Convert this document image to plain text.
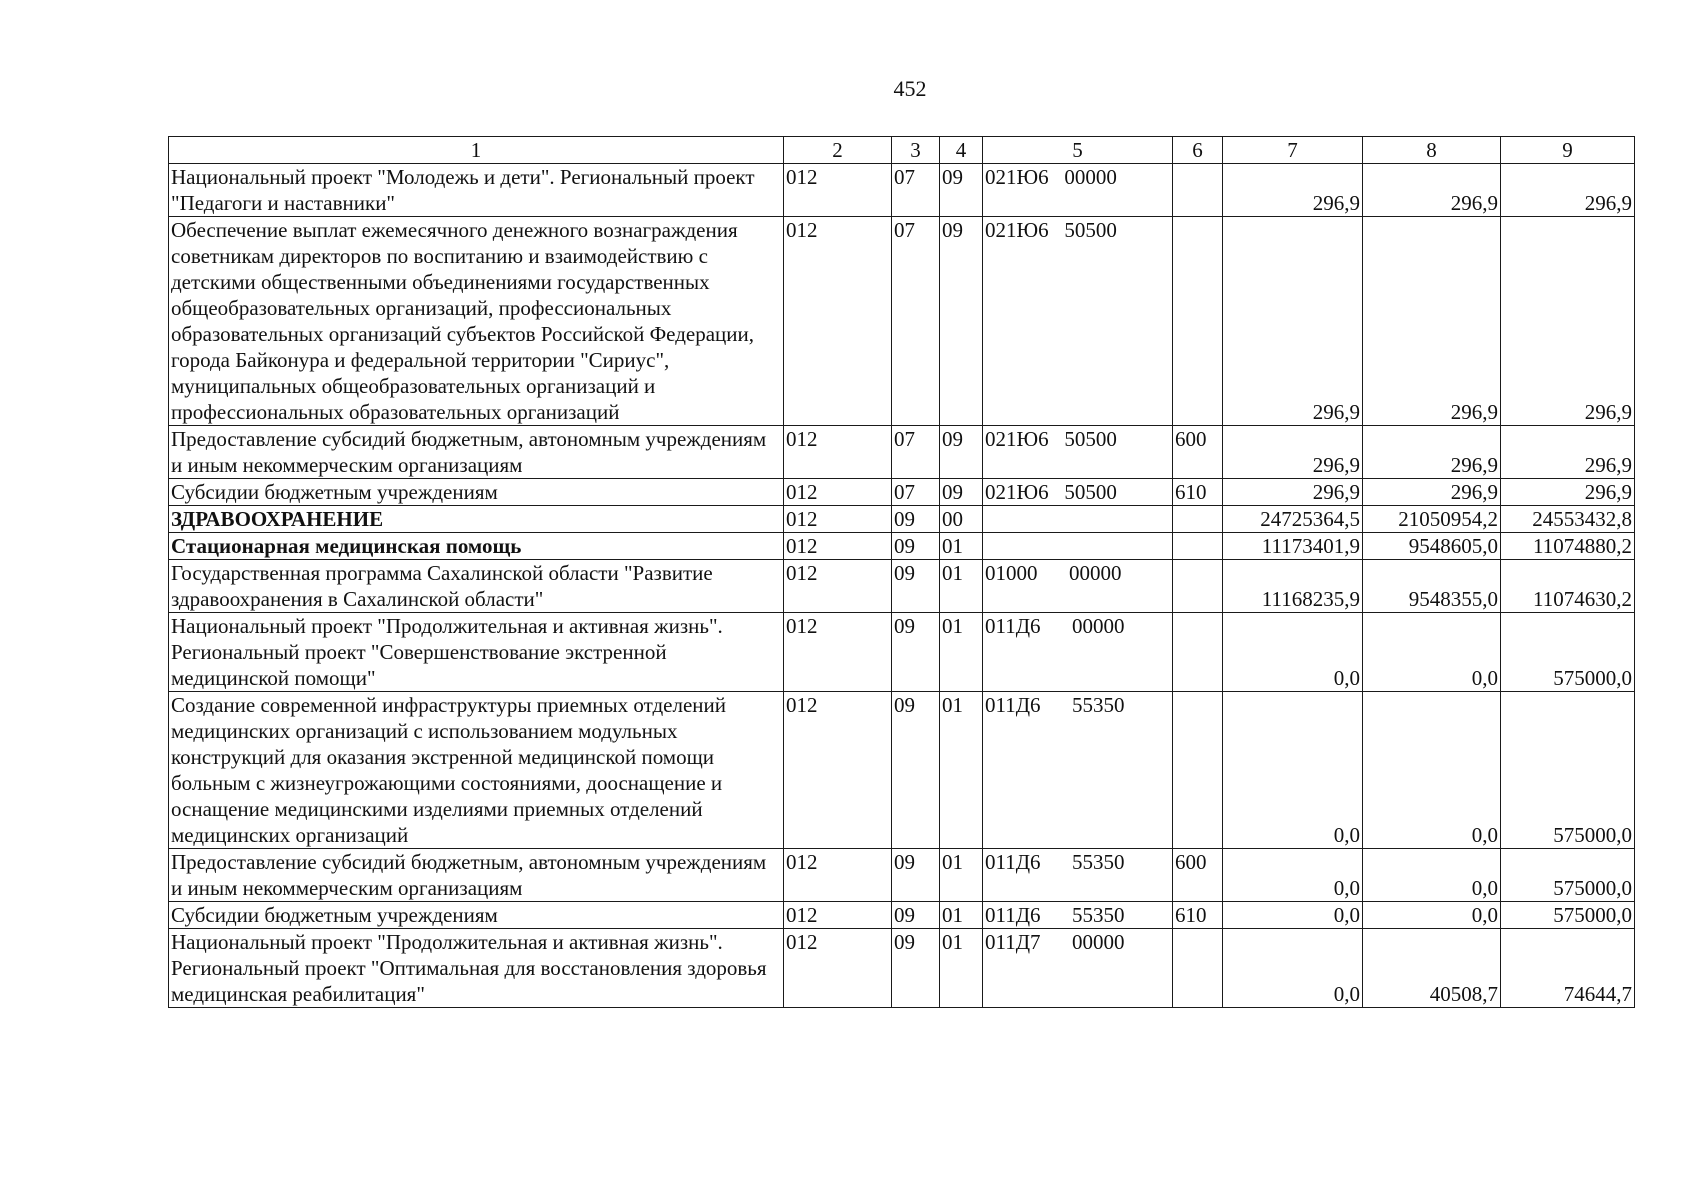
452
1	2	3	4	5	6	7	8	9
Национальный проект "Молодежь и дети". Региональный проект "Педагоги и наставники"	012	07	09	021Ю6   00000		296,9	296,9	296,9
Обеспечение выплат ежемесячного денежного вознаграждения советникам директоров по воспитанию и взаимодействию с детскими общественными объединениями государственных общеобразовательных организаций, профессиональных образовательных организаций субъектов Российской Федерации, города Байконура и федеральной территории "Сириус", муниципальных общеобразовательных организаций и профессиональных образовательных организаций	012	07	09	021Ю6   50500		296,9	296,9	296,9
Предоставление субсидий бюджетным, автономным учреждениям и иным некоммерческим организациям	012	07	09	021Ю6   50500	600	296,9	296,9	296,9
Субсидии бюджетным учреждениям	012	07	09	021Ю6   50500	610	296,9	296,9	296,9
ЗДРАВООХРАНЕНИЕ	012	09	00			24725364,5	21050954,2	24553432,8
Стационарная медицинская помощь	012	09	01			11173401,9	9548605,0	11074880,2
Государственная программа Сахалинской области "Развитие здравоохранения в Сахалинской области"	012	09	01	01000      00000		11168235,9	9548355,0	11074630,2
Национальный проект "Продолжительная и активная жизнь". Региональный проект "Совершенствование экстренной медицинской помощи"	012	09	01	011Д6      00000		0,0	0,0	575000,0
Создание современной инфраструктуры приемных отделений медицинских организаций с использованием модульных конструкций для оказания экстренной медицинской помощи больным с жизнеугрожающими состояниями, дооснащение и оснащение медицинскими изделиями приемных отделений медицинских организаций	012	09	01	011Д6      55350		0,0	0,0	575000,0
Предоставление субсидий бюджетным, автономным учреждениям и иным некоммерческим организациям	012	09	01	011Д6      55350	600	0,0	0,0	575000,0
Субсидии бюджетным учреждениям	012	09	01	011Д6      55350	610	0,0	0,0	575000,0
Национальный проект "Продолжительная и активная жизнь". Региональный проект "Оптимальная для восстановления здоровья медицинская реабилитация"	012	09	01	011Д7      00000		0,0	40508,7	74644,7
